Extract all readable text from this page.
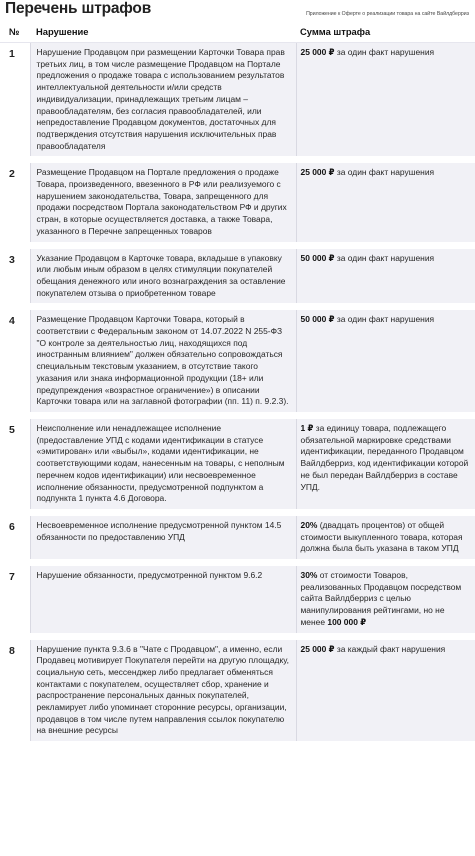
Перечень штрафов	Приложение к Оферте о реализации товара на сайте Вайлдберриз
№	Нарушение	Сумма штрафа
1	Нарушение Продавцом при размещении Карточки Товара прав третьих лиц, в том числе размещение Продавцом на Портале предложения о продаже товара с использованием результатов интеллектуальной деятельности и/или средств индивидуализации, принадлежащих третьим лицам – правообладателям, без согласия правообладателей, или непредоставление Продавцом документов, достаточных для подтверждения отсутствия нарушения исключительных прав правообладателя	25 000 ₽ за один факт нарушения
2	Размещение Продавцом на Портале предложения о продаже Товара, произведенного, ввезенного в РФ или реализуемого с нарушением законодательства, Товара, запрещенного для продажи посредством Портала законодательством РФ и других стран, в которые осуществляется доставка, а также Товара, указанного в Перечне запрещенных товаров	25 000 ₽ за один факт нарушения
3	Указание Продавцом в Карточке товара, вкладыше в упаковку или любым иным образом в целях стимуляции покупателей обещания денежного или иного вознаграждения за оставление покупателем отзыва о приобретенном товаре	50 000 ₽ за один факт нарушения
4	Размещение Продавцом Карточки Товара, который в соответствии с Федеральным законом от 14.07.2022 N 255-ФЗ "О контроле за деятельностью лиц, находящихся под иностранным влиянием" должен обязательно сопровождаться специальным текстовым указанием, в отсутствие такого указания или знака информационной продукции (18+ или предупреждения «возрастное ограничение») в описании Карточки товара или на заглавной фотографии (пп. 11) п. 9.2.3).	50 000 ₽ за один факт нарушения
5	Неисполнение или ненадлежащее исполнение (предоставление УПД с кодами идентификации в статусе «эмитирован» или «выбыл», кодами идентификации, не соответствующими кодам, нанесенным на товары, с неполным перечнем кодов идентификации) или несвоевременное исполнение обязанности, предусмотренной подпунктом а подпункта 1 пункта 4.6 Договора.	1 ₽ за единицу товара, подлежащего обязательной маркировке средствами идентификации, переданного Продавцом Вайлдберриз, код идентификации которой не был передан Вайлдберриз в составе УПД.
6	Несвоевременное исполнение предусмотренной пунктом 14.5 обязанности по предоставлению УПД	20% (двадцать процентов) от общей стоимости выкупленного товара, которая должна была быть указана в таком УПД
7	Нарушение обязанности, предусмотренной пунктом 9.6.2	30% от стоимости Товаров, реализованных Продавцом посредством сайта Вайлдберриз с целью манипулирования рейтингами, но не менее 100 000 ₽
8	Нарушение пункта 9.3.6 в "Чате с Продавцом", а именно, если Продавец мотивирует Покупателя перейти на другую площадку, социальную сеть, мессенджер либо предлагает обменяться контактами с покупателем, осуществляет сбор, хранение и распространение персональных данных покупателей, рекламирует либо упоминает сторонние ресурсы, организации, продавцов в том числе путем направления ссылок покупателю на внешние ресурсы	25 000 ₽ за каждый факт нарушения
